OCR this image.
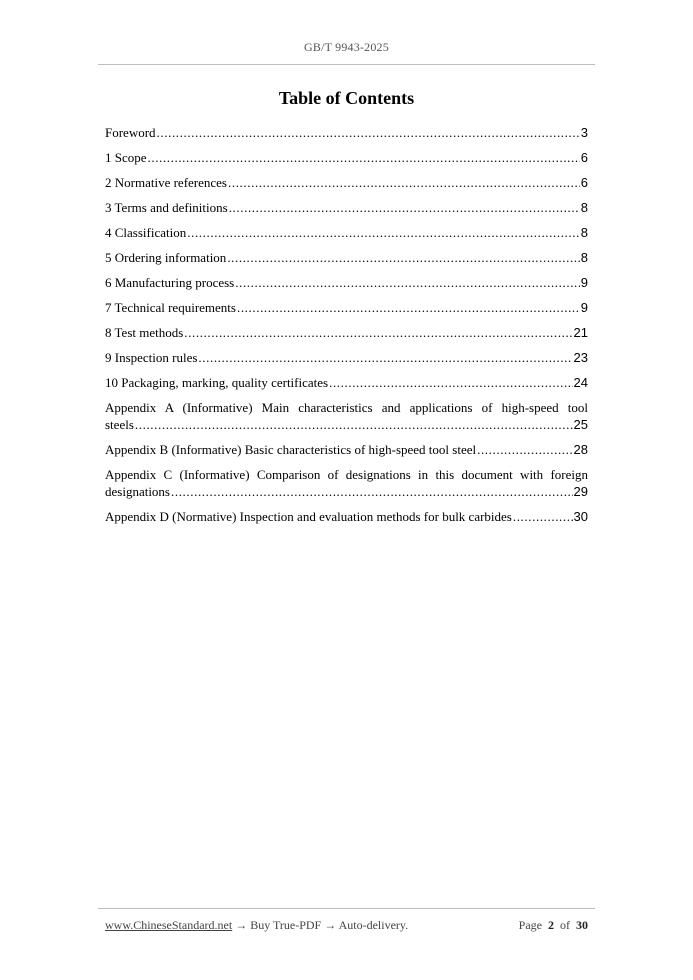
GB/T 9943-2025
Table of Contents
Foreword .....	3
1 Scope .....	6
2 Normative references .....	6
3 Terms and definitions .....	8
4 Classification .....	8
5 Ordering information .....	8
6 Manufacturing process .....	9
7 Technical requirements .....	9
8 Test methods .....	21
9 Inspection rules .....	23
10 Packaging, marking, quality certificates .....	24
Appendix A (Informative) Main characteristics and applications of high-speed tool
steels .....	25
Appendix B (Informative) Basic characteristics of high-speed tool steel .....	28
Appendix C (Informative) Comparison of designations in this document with foreign
designations .....	29
Appendix D (Normative) Inspection and evaluation methods for bulk carbides .....	30
www.ChineseStandard.net → Buy True-PDF → Auto-delivery.	Page 2 of 30
